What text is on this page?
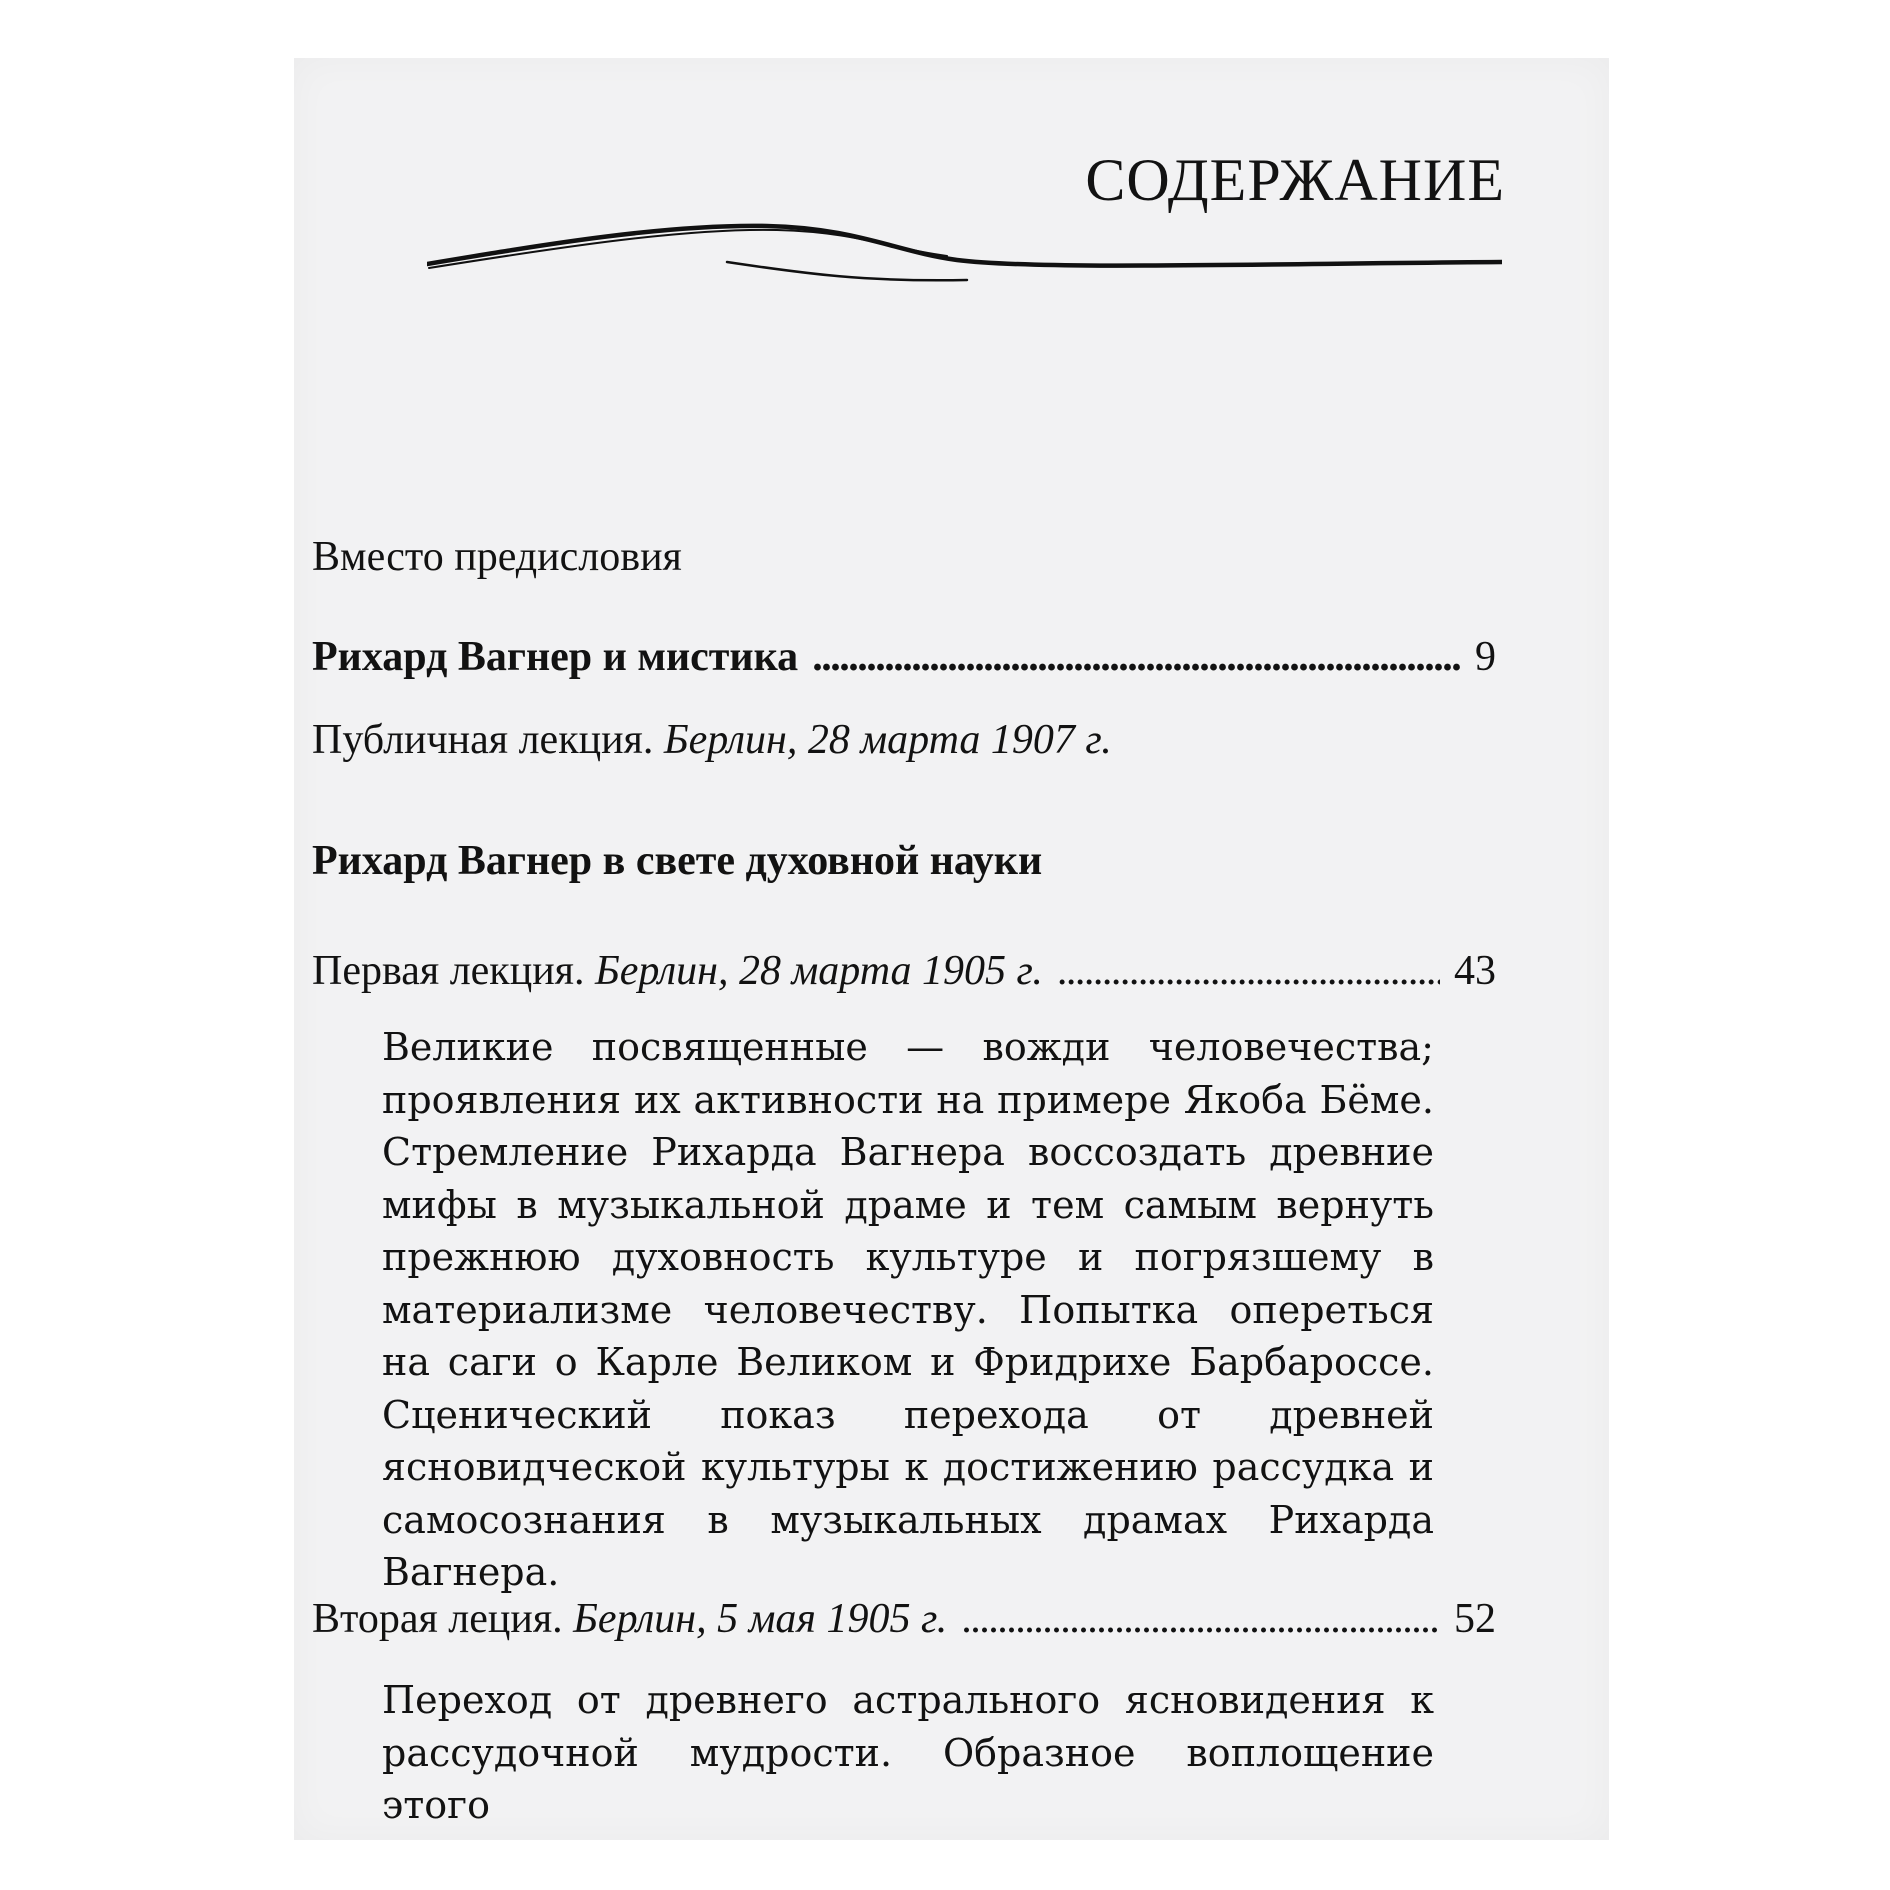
СОДЕРЖАНИЕ
Вместо предисловия
Рихард Вагнер и мистика . . .	9
Публичная лекция. Берлин, 28 марта 1907 г.
Рихард Вагнер в свете духовной науки
Первая лекция. Берлин, 28 марта 1905 г. . . .	43

Великие посвященные — вожди человечества; проявления их активности на примере Якоба Бёме. Стремление Рихарда Вагнера воссоздать древние мифы в музыкальной драме и тем самым вернуть прежнюю духовность культуре и погрязшему в материализме человечеству. Попытка опереться на саги о Карле Великом и Фридрихе Барбароссе. Сценический показ перехода от древней ясновидческой культуры к достижению рассудка и самосознания в музыкальных драмах Рихарда Вагнера.

Вторая леция. Берлин, 5 мая 1905 г. . . .	52

Переход от древнего астрального ясновидения к рассудочной мудрости. Образное воплощение этого
